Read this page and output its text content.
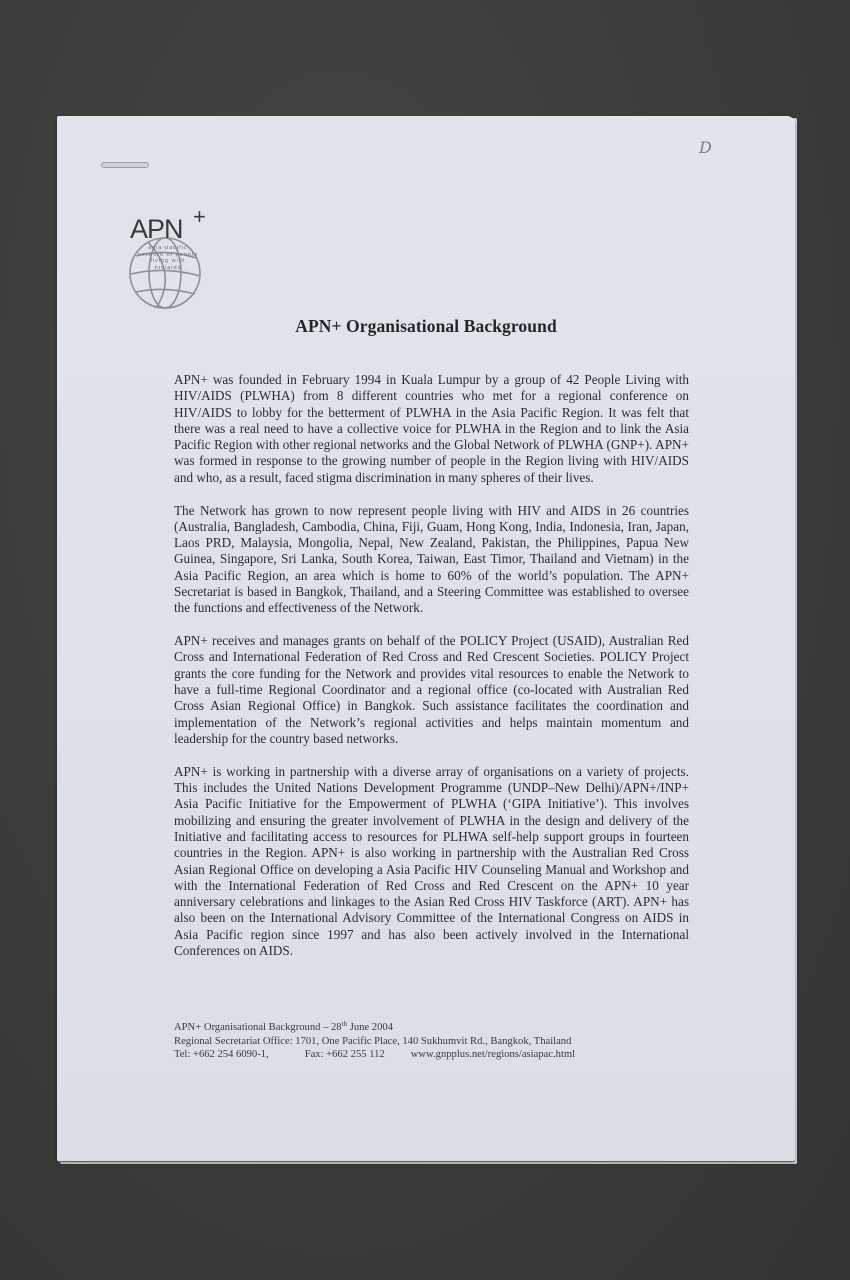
D
APN +
asia-pacific network of people living with hiv/aids
APN+ Organisational Background

APN+ was founded in February 1994 in Kuala Lumpur by a group of 42 People Living with HIV/AIDS (PLWHA) from 8 different countries who met for a regional conference on HIV/AIDS to lobby for the betterment of PLWHA in the Asia Pacific Region. It was felt that there was a real need to have a collective voice for PLWHA in the Region and to link the Asia Pacific Region with other regional networks and the Global Network of PLWHA (GNP+). APN+ was formed in response to the growing number of people in the Region living with HIV/AIDS and who, as a result, faced stigma discrimination in many spheres of their lives.

The Network has grown to now represent people living with HIV and AIDS in 26 countries (Australia, Bangladesh, Cambodia, China, Fiji, Guam, Hong Kong, India, Indonesia, Iran, Japan, Laos PRD, Malaysia, Mongolia, Nepal, New Zealand, Pakistan, the Philippines, Papua New Guinea, Singapore, Sri Lanka, South Korea, Taiwan, East Timor, Thailand and Vietnam) in the Asia Pacific Region, an area which is home to 60% of the world’s population. The APN+ Secretariat is based in Bangkok, Thailand, and a Steering Committee was established to oversee the functions and effectiveness of the Network.

APN+ receives and manages grants on behalf of the POLICY Project (USAID), Australian Red Cross and International Federation of Red Cross and Red Crescent Societies. POLICY Project grants the core funding for the Network and provides vital resources to enable the Network to have a full-time Regional Coordinator and a regional office (co-located with Australian Red Cross Asian Regional Office) in Bangkok. Such assistance facilitates the coordination and implementation of the Network’s regional activities and helps maintain momentum and leadership for the country based networks.

APN+ is working in partnership with a diverse array of organisations on a variety of projects. This includes the United Nations Development Programme (UNDP–New Delhi)/APN+/INP+ Asia Pacific Initiative for the Empowerment of PLWHA (‘GIPA Initiative’). This involves mobilizing and ensuring the greater involvement of PLWHA in the design and delivery of the Initiative and facilitating access to resources for PLHWA self-help support groups in fourteen countries in the Region. APN+ is also working in partnership with the Australian Red Cross Asian Regional Office on developing a Asia Pacific HIV Counseling Manual and Workshop and with the International Federation of Red Cross and Red Crescent on the APN+ 10 year anniversary celebrations and linkages to the Asian Red Cross HIV Taskforce (ART). APN+ has also been on the International Advisory Committee of the International Congress on AIDS in Asia Pacific region since 1997 and has also been actively involved in the International Conferences on AIDS.

APN+ Organisational Background – 28th June 2004
Regional Secretariat Office: 1701, One Pacific Place, 140 Sukhumvit Rd., Bangkok, Thailand
Tel: +662 254 6090-1,	Fax: +662 255 112 www.gnpplus.net/regions/asiapac.html
